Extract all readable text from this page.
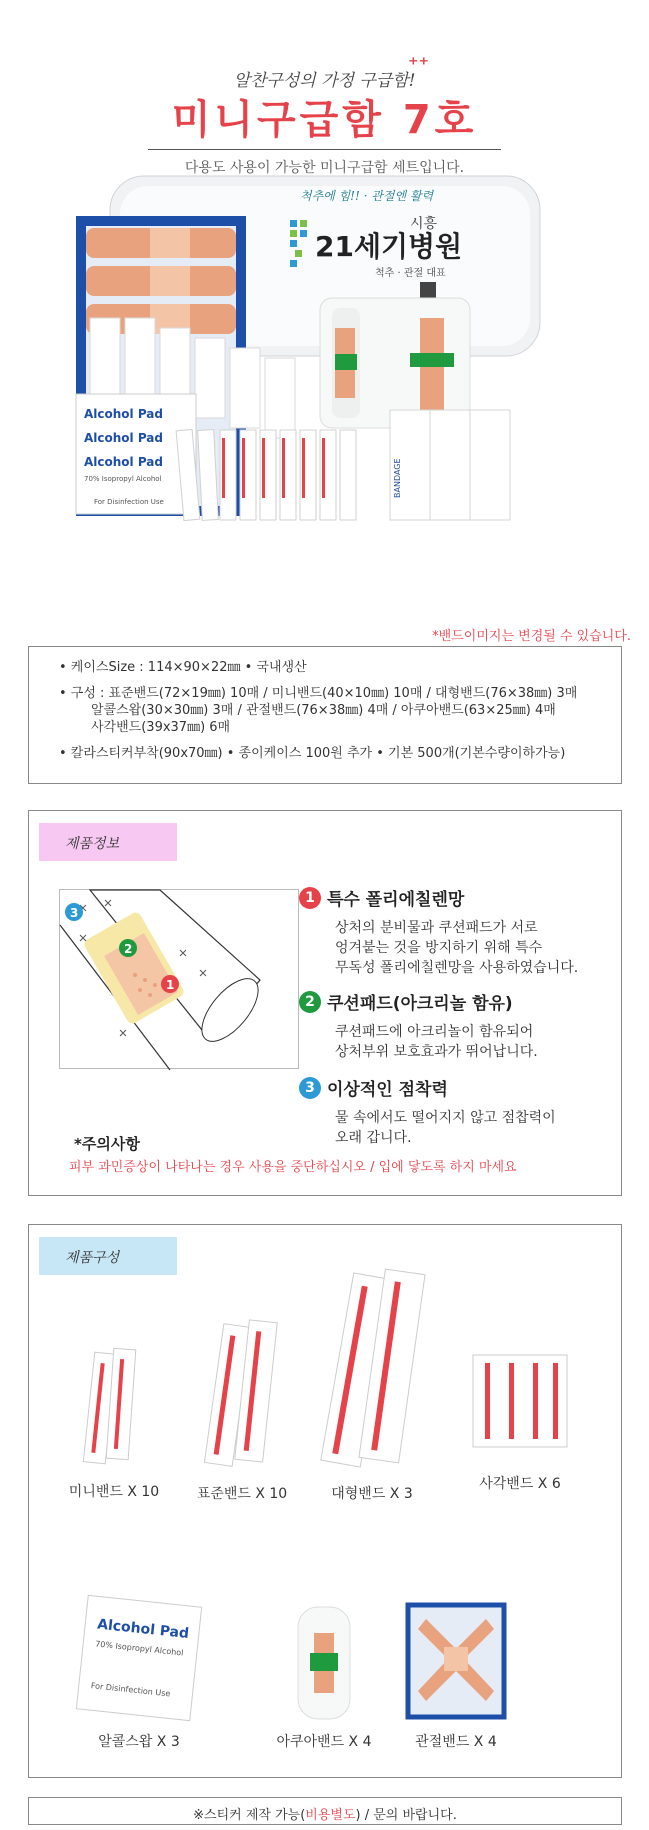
알찬구성의 가정 구급함!
⁺⁺
미니구급함 7호
다용도 사용이 가능한 미니구급함 세트입니다.
척추에 힘!! · 관절엔 활력
시흥
21세기병원
척추 · 관절 대표
Alcohol Pad
Alcohol Pad
Alcohol Pad
70% Isopropyl Alcohol
For Disinfection Use
BANDAGE
*밴드이미지는 변경될 수 있습니다.

• 케이스Size : 114×90×22㎜ • 국내생산

• 구성 : 표준밴드(72×19㎜) 10매 / 미니밴드(40×10㎜) 10매 / 대형밴드(76×38㎜) 3매

알콜스왑(30×30㎜) 3매 / 관절밴드(76×38㎜) 4매 / 아쿠아밴드(63×25㎜) 4매

사각밴드(39x37㎜) 6매

• 칼라스티커부착(90x70㎜) • 종이케이스 100원 추가 • 기본 500개(기본수량이하가능)

제품정보
3
2
1
1 특수 폴리에칠렌망
상처의 분비물과 쿠션패드가 서로
엉겨붙는 것을 방지하기 위해 특수
무독성 폴리에칠렌망을 사용하였습니다.
2 쿠션패드(아크리놀 함유)
쿠션패드에 아크리놀이 함유되어
상처부위 보호효과가 뛰어납니다.
3 이상적인 점착력
물 속에서도 떨어지지 않고 점찹력이
오래 갑니다.
*주의사항
피부 과민증상이 나타나는 경우 사용을 중단하십시오 / 입에 닿도록 하지 마세요
제품구성
미니밴드 X 10	표준밴드 X 10	대형밴드 X 3
사각밴드 X 6
Alcohol Pad
70% Isopropyl Alcohol
For Disinfection Use
알콜스왑 X 3	아쿠아밴드 X 4	관절밴드 X 4
※스티커 제작 가능(비용별도) / 문의 바랍니다.
